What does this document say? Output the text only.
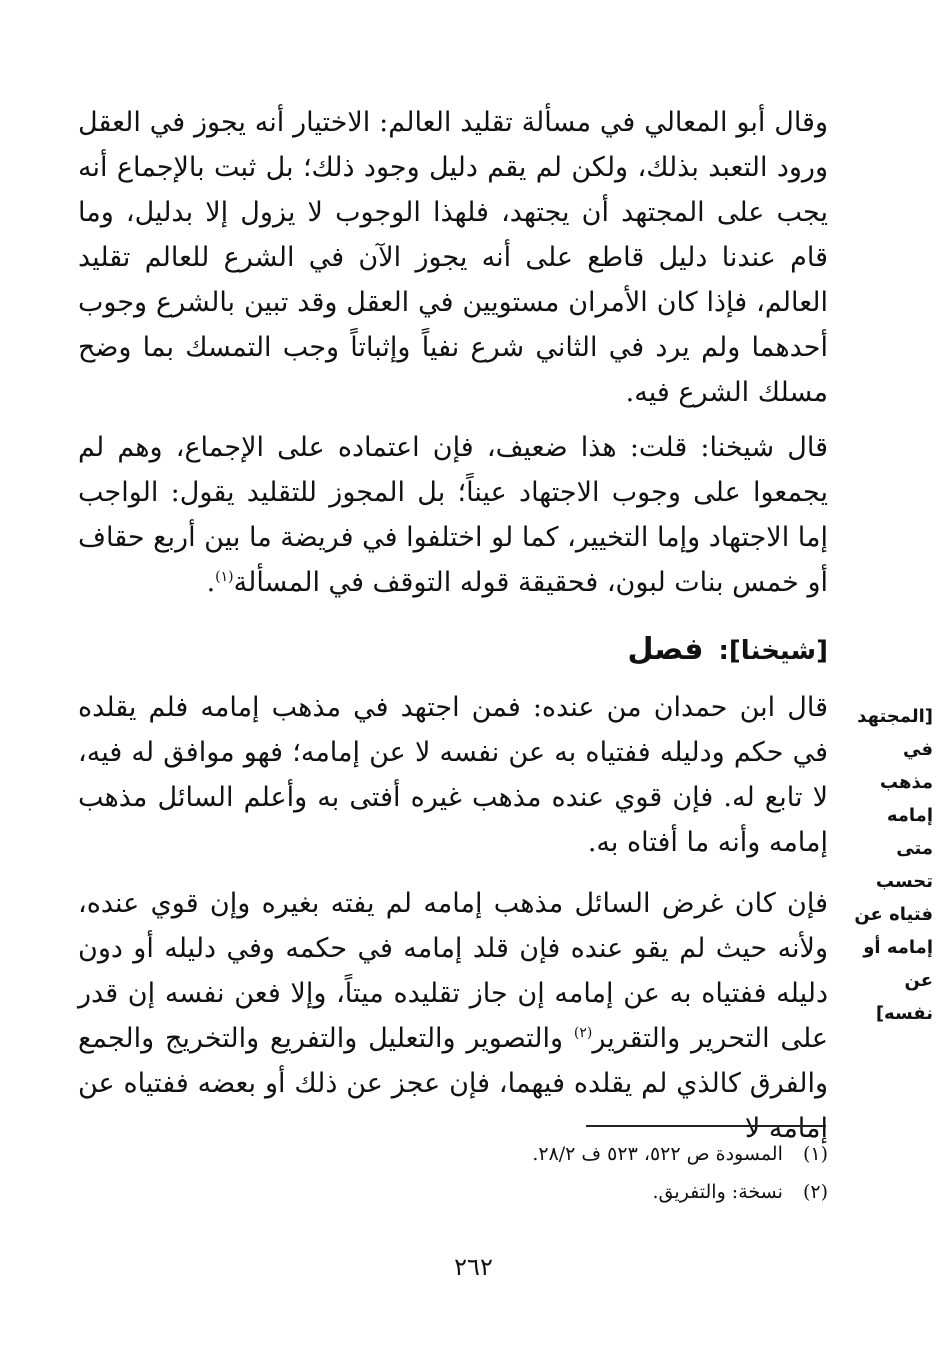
وقال أبو المعالي في مسألة تقليد العالم: الاختيار أنه يجوز في العقل ورود التعبد بذلك، ولكن لم يقم دليل وجود ذلك؛ بل ثبت بالإجماع أنه يجب على المجتهد أن يجتهد، فلهذا الوجوب لا يزول إلا بدليل، وما قام عندنا دليل قاطع على أنه يجوز الآن في الشرع للعالم تقليد العالم، فإذا كان الأمران مستويين في العقل وقد تبين بالشرع وجوب أحدهما ولم يرد في الثاني شرع نفياً وإثباتاً وجب التمسك بما وضح مسلك الشرع فيه.

قال شيخنا: قلت: هذا ضعيف، فإن اعتماده على الإجماع، وهم لم يجمعوا على وجوب الاجتهاد عيناً؛ بل المجوز للتقليد يقول: الواجب إما الاجتهاد وإما التخيير، كما لو اختلفوا في فريضة ما بين أربع حقاف أو خمس بنات لبون، فحقيقة قوله التوقف في المسألة$^{(١)}$.

[شيخنا]: فصل
[المجتهد في
مذهب إمامه
متى تحسب
فتياه عن
إمامه أو عن
نفسه]

قال ابن حمدان من عنده: فمن اجتهد في مذهب إمامه فلم يقلده في حكم ودليله ففتياه به عن نفسه لا عن إمامه؛ فهو موافق له فيه، لا تابع له. فإن قوي عنده مذهب غيره أفتى به وأعلم السائل مذهب إمامه وأنه ما أفتاه به.

فإن كان غرض السائل مذهب إمامه لم يفته بغيره وإن قوي عنده، ولأنه حيث لم يقو عنده فإن قلد إمامه في حكمه وفي دليله أو دون دليله ففتياه به عن إمامه إن جاز تقليده ميتاً، وإلا فعن نفسه إن قدر على التحرير والتقرير$^{(٢)}$ والتصوير والتعليل والتفريع والتخريج والجمع والفرق كالذي لم يقلده فيهما، فإن عجز عن ذلك أو بعضه ففتياه عن إمامه لا

(١) المسودة ص ٥٢٢، ٥٢٣ ف ٢٨/٢.
(٢) نسخة: والتفريق.
٢٦٢
